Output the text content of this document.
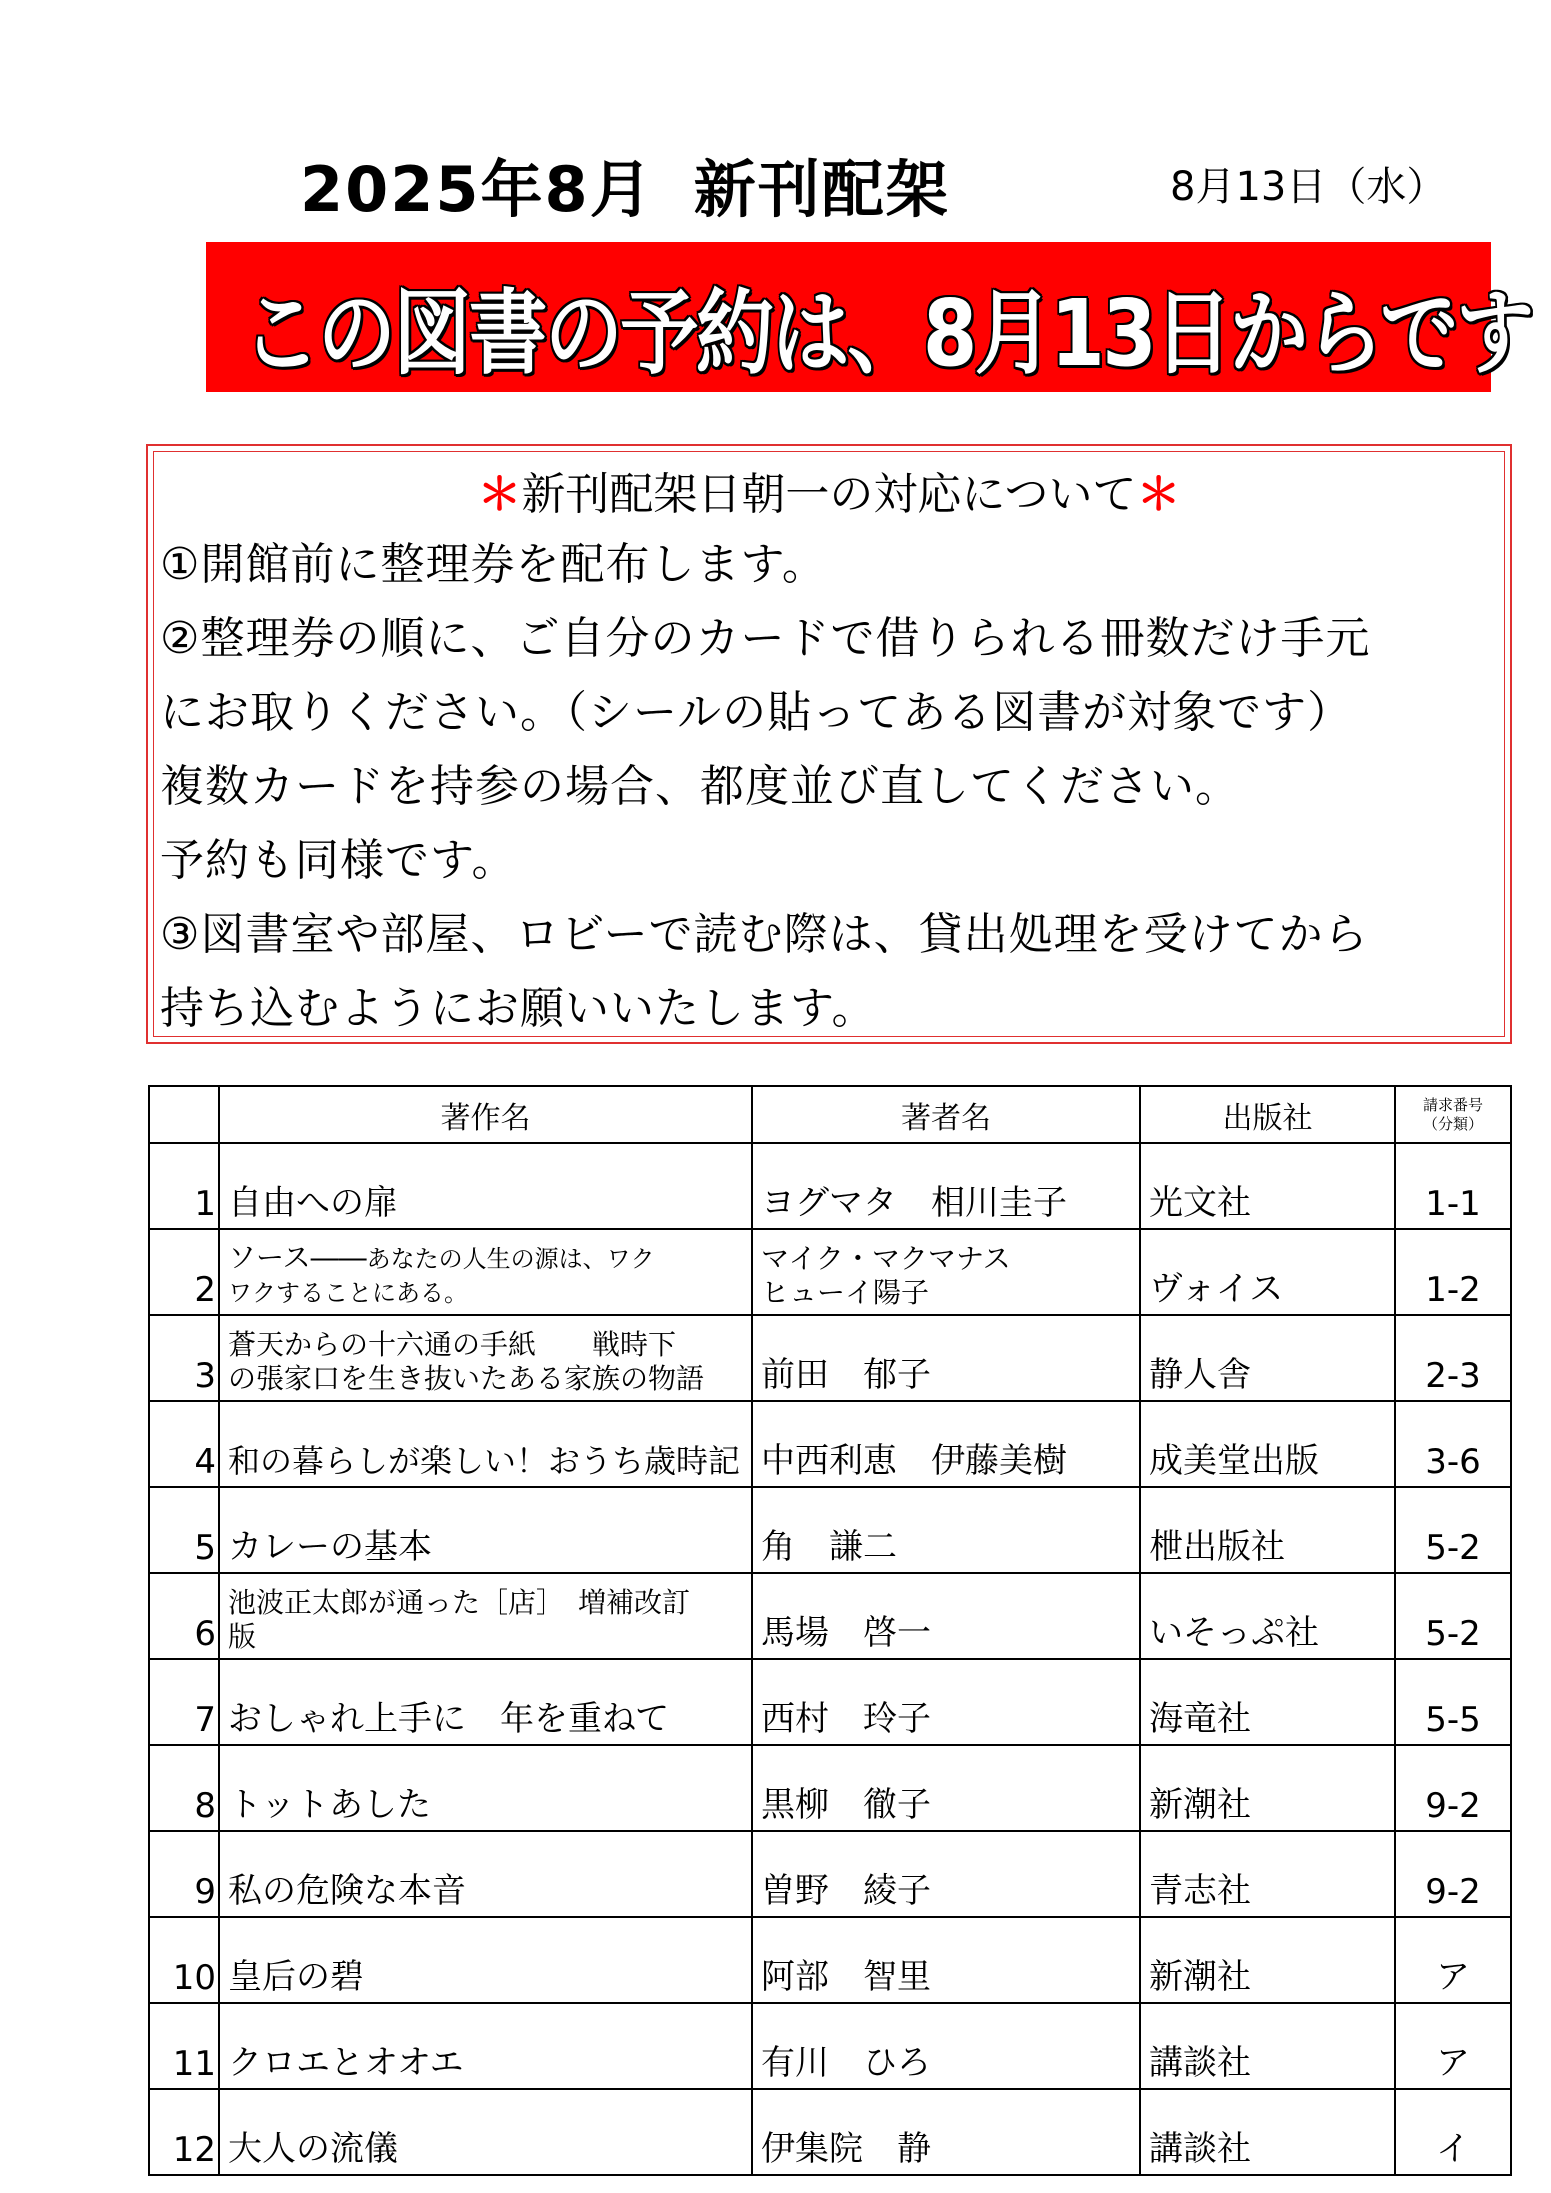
2025年8月 新刊配架	8月13日（水）
この図書の予約は、8月13日からです
＊新刊配架日朝一の対応について＊
①開館前に整理券を配布します。
②整理券の順に、ご自分のカードで借りられる冊数だけ手元
にお取りください。（シールの貼ってある図書が対象です）
複数カードを持参の場合、都度並び直してください。
予約も同様です。
③図書室や部屋、ロビーで読む際は、貸出処理を受けてから
持ち込むようにお願いいたします。
	著作名	著者名	出版社	請求番号
（分類）
1	自由への扉	ヨグマタ　相川圭子	光文社	1-1
2	ソース――あなたの人生の源は、ワク
ワクすることにある。	マイク・マクマナス
ヒューイ陽子	ヴォイス	1-2
3	蒼天からの十六通の手紙　　戦時下
の張家口を生き抜いたある家族の物語	前田　郁子	静人舎	2-3
4	和の暮らしが楽しい！おうち歳時記	中西利恵　伊藤美樹	成美堂出版	3-6
5	カレーの基本	角　謙二	枻出版社	5-2
6	池波正太郎が通った［店］　増補改訂
版	馬場　啓一	いそっぷ社	5-2
7	おしゃれ上手に　年を重ねて	西村　玲子	海竜社	5-5
8	トットあした	黒柳　徹子	新潮社	9-2
9	私の危険な本音	曽野　綾子	青志社	9-2
10	皇后の碧	阿部　智里	新潮社	ア
11	クロエとオオエ	有川　ひろ	講談社	ア
12	大人の流儀	伊集院　静	講談社	イ
